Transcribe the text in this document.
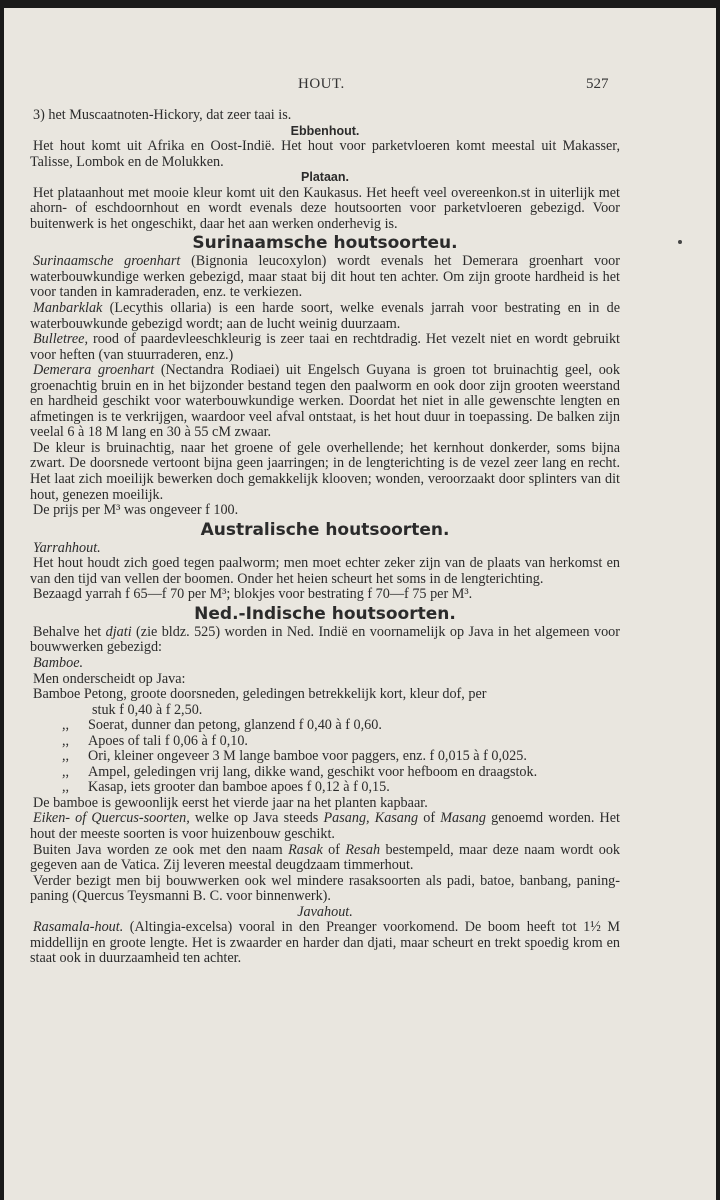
HOUT.	527

3) het Muscaatnoten-Hickory, dat zeer taai is.

Ebbenhout.

Het hout komt uit Afrika en Oost-Indië. Het hout voor parketvloeren komt meestal uit Makasser, Talisse, Lombok en de Molukken.

Plataan.

Het plataanhout met mooie kleur komt uit den Kaukasus. Het heeft veel overeenkon.st in uiterlijk met ahorn- of eschdoornhout en wordt evenals deze houtsoorten voor parketvloeren gebezigd. Voor buitenwerk is het ongeschikt, daar het aan werken onderhevig is.

Surinaamsche houtsoorteu.

Surinaamsche groenhart (Bignonia leucoxylon) wordt evenals het Demerara groenhart voor waterbouwkundige werken gebezigd, maar staat bij dit hout ten achter. Om zijn groote hardheid is het voor tanden in kamraderaden, enz. te verkiezen.

Manbarklak (Lecythis ollaria) is een harde soort, welke evenals jarrah voor bestrating en in de waterbouwkunde gebezigd wordt; aan de lucht weinig duurzaam.

Bulletree, rood of paardevleeschkleurig is zeer taai en rechtdradig. Het vezelt niet en wordt gebruikt voor heften (van stuurraderen, enz.)

Demerara groenhart (Nectandra Rodiaei) uit Engelsch Guyana is groen tot bruinachtig geel, ook groenachtig bruin en in het bijzonder bestand tegen den paalworm en ook door zijn grooten weerstand en hardheid geschikt voor waterbouwkundige werken. Doordat het niet in alle gewenschte lengten en afmetingen is te verkrijgen, waardoor veel afval ontstaat, is het hout duur in toepassing. De balken zijn veelal 6 à 18 M lang en 30 à 55 cM zwaar.

De kleur is bruinachtig, naar het groene of gele overhellende; het kernhout donkerder, soms bijna zwart. De doorsnede vertoont bijna geen jaarringen; in de lengterichting is de vezel zeer lang en recht. Het laat zich moeilijk bewerken doch gemakkelijk klooven; wonden, veroorzaakt door splinters van dit hout, genezen moeilijk.

De prijs per M³ was ongeveer f 100.

Australische houtsoorten.

Yarrahhout.

Het hout houdt zich goed tegen paalworm; men moet echter zeker zijn van de plaats van herkomst en van den tijd van vellen der boomen. Onder het heien scheurt het soms in de lengterichting.

Bezaagd yarrah f 65—f 70 per M³; blokjes voor bestrating f 70—f 75 per M³.

Ned.-Indische houtsoorten.

Behalve het djati (zie bldz. 525) worden in Ned. Indië en voornamelijk op Java in het algemeen voor bouwwerken gebezigd:

Bamboe.

Men onderscheidt op Java:

Bamboe Petong, groote doorsneden, geledingen betrekkelijk kort, kleur dof, per

stuk f 0,40 à f 2,50.

,, Soerat, dunner dan petong, glanzend f 0,40 à f 0,60.

,, Apoes of tali f 0,06 à f 0,10.

,, Ori, kleiner ongeveer 3 M lange bamboe voor paggers, enz. f 0,015 à f 0,025.

,, Ampel, geledingen vrij lang, dikke wand, geschikt voor hefboom en draagstok.

,, Kasap, iets grooter dan bamboe apoes f 0,12 à f 0,15.

De bamboe is gewoonlijk eerst het vierde jaar na het planten kapbaar.

Eiken- of Quercus-soorten, welke op Java steeds Pasang, Kasang of Masang genoemd worden. Het hout der meeste soorten is voor huizenbouw geschikt.

Buiten Java worden ze ook met den naam Rasak of Resah bestempeld, maar deze naam wordt ook gegeven aan de Vatica. Zij leveren meestal deugdzaam timmerhout.

Verder bezigt men bij bouwwerken ook wel mindere rasaksoorten als padi, batoe, banbang, paning-paning (Quercus Teysmanni B. C. voor binnenwerk).

Javahout.

Rasamala-hout. (Altingia-excelsa) vooral in den Preanger voorkomend. De boom heeft tot 1½ M middellijn en groote lengte. Het is zwaarder en harder dan djati, maar scheurt en trekt spoedig krom en staat ook in duurzaamheid ten achter.
